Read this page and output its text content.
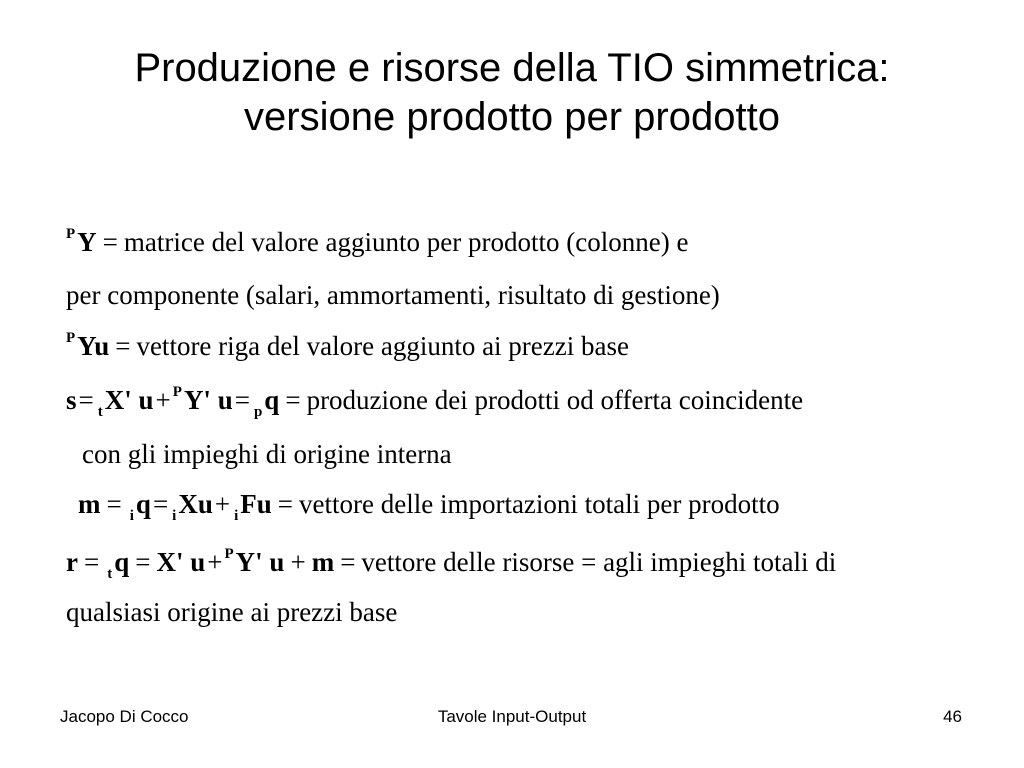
Produzione e risorse della TIO simmetrica:
versione prodotto per prodotto
$^P$Y = matrice del valore aggiunto per prodotto (colonne) e
per componente (salari, ammortamenti, risultato di gestione)
$^P$Yu = vettore riga del valore aggiunto ai prezzi base
s= $_t$X' u+ $^P$Y' u= $_p$q = produzione dei prodotti od offerta coincidente
con gli impieghi di origine interna
m = $_i$q= $_i$Xu+ $_i$Fu = vettore delle importazioni totali per prodotto
r = $_t$q = X' u+ $^P$Y' u + m = vettore delle risorse = agli impieghi totali di
qualsiasi origine ai prezzi base
Jacopo Di Cocco	Tavole Input-Output	46
